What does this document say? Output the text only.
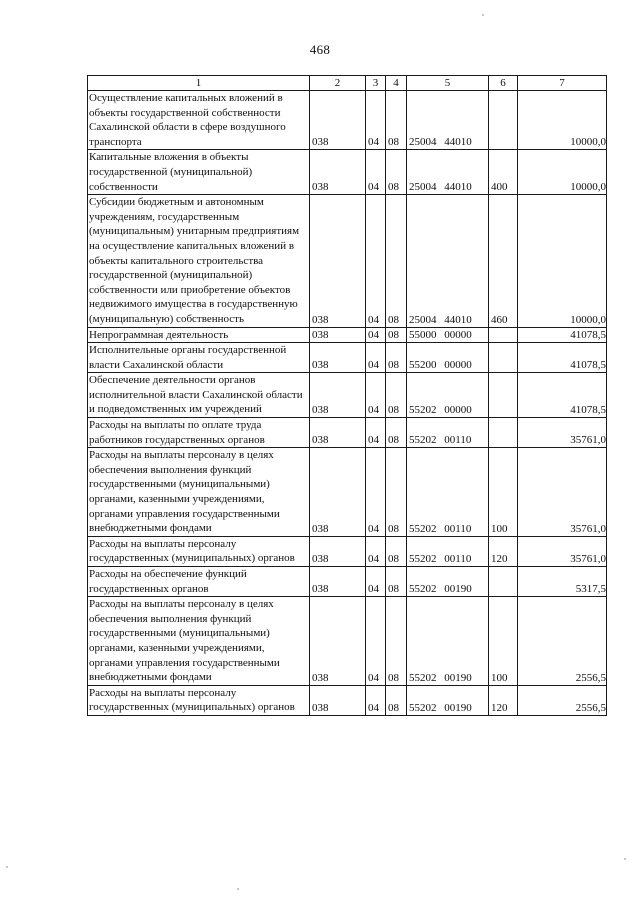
468
1	2	3	4	5	6	7
Осуществление капитальных вложений в объекты государственной собственности Сахалинской области в сфере воздушного транспорта	038	04	08	25004 44010		10000,0
Капитальные вложения в объекты государственной (муниципальной) собственности	038	04	08	25004 44010	400	10000,0
Субсидии бюджетным и автономным учреждениям, государственным (муниципальным) унитарным предприятиям на осуществление капитальных вложений в объекты капитального строительства государственной (муниципальной) собственности или приобретение объектов недвижимого имущества в государственную (муниципальную) собственность	038	04	08	25004 44010	460	10000,0
Непрограммная деятельность	038	04	08	55000 00000		41078,5
Исполнительные органы государственной власти Сахалинской области	038	04	08	55200 00000		41078,5
Обеспечение деятельности органов исполнительной власти Сахалинской области и подведомственных им учреждений	038	04	08	55202 00000		41078,5
Расходы на выплаты по оплате труда работников государственных органов	038	04	08	55202 00110		35761,0
Расходы на выплаты персоналу в целях обеспечения выполнения функций государственными (муниципальными) органами, казенными учреждениями, органами управления государственными внебюджетными фондами	038	04	08	55202 00110	100	35761,0
Расходы на выплаты персоналу государственных (муниципальных) органов	038	04	08	55202 00110	120	35761,0
Расходы на обеспечение функций государственных органов	038	04	08	55202 00190		5317,5
Расходы на выплаты персоналу в целях обеспечения выполнения функций государственными (муниципальными) органами, казенными учреждениями, органами управления государственными внебюджетными фондами	038	04	08	55202 00190	100	2556,5
Расходы на выплаты персоналу государственных (муниципальных) органов	038	04	08	55202 00190	120	2556,5
